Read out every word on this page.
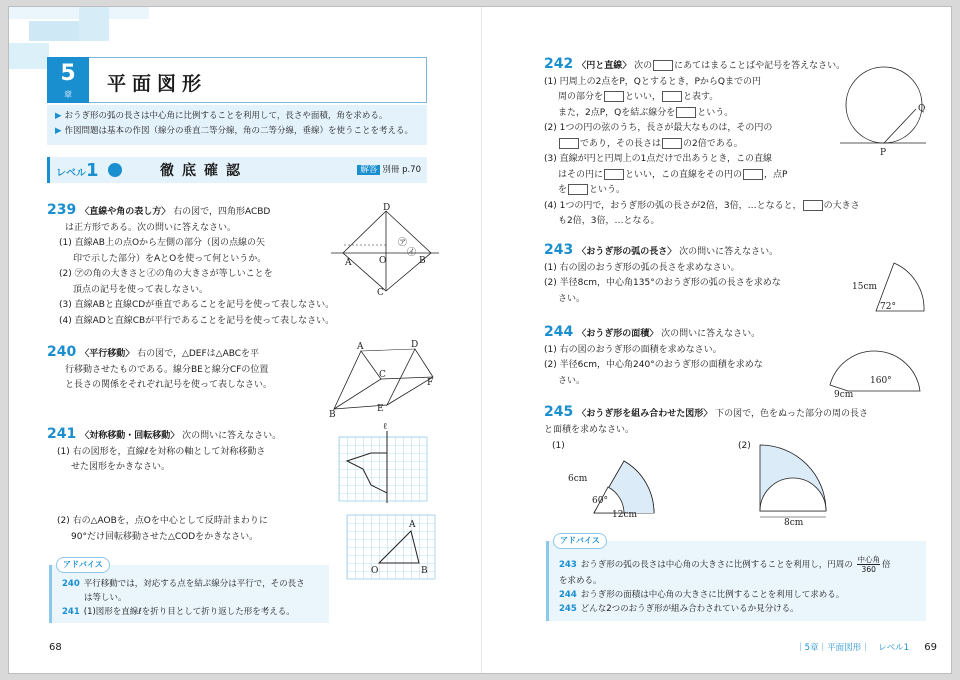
5
章	平面図形
▶ おうぎ形の弧の長さは中心角に比例することを利用して，長さや面積，角を求める。
▶ 作図問題は基本の作図（線分の垂直二等分線，角の二等分線，垂線）を使うことを考える。
レベル1	徹底確認	解答 別冊 p.70
239 〈直線や角の表し方〉 右の図で，四角形ACBD
は正方形である。次の問いに答えなさい。
(1) 直線AB上の点Oから左側の部分（図の点線の矢
印で示した部分）をAとOを使って何というか。
(2) ㋐の角の大きさと㋑の角の大きさが等しいことを
頂点の記号を使って表しなさい。
(3) 直線ABと直線CDが垂直であることを記号を使って表しなさい。
(4) 直線ADと直線CBが平行であることを記号を使って表しなさい。
D
A	O	B
C
㋐
㋑
240 〈平行移動〉 右の図で，△DEFは△ABCを平
行移動させたものである。線分BEと線分CFの位置
と長さの関係をそれぞれ記号を使って表しなさい。
A
B
C
D
E
F
241 〈対称移動・回転移動〉 次の問いに答えなさい。
(1) 右の図形を，直線ℓを対称の軸として対称移動さ
せた図形をかきなさい。
(2) 右の△AOBを，点Oを中心として反時計まわりに
90°だけ回転移動させた△CODをかきなさい。
ℓ
O
A
B
アドバイス
240 平行移動では，対応する点を結ぶ線分は平行で，その長さ
は等しい。
241 (1)図形を直線ℓを折り目として折り返した形を考える。
68
242 〈円と直線〉 次の にあてはまることばや記号を答えなさい。
(1) 円周上の2点をP，Qとするとき，PからQまでの円
周の部分を といい， と表す。
また，2点P，Qを結ぶ線分を という。
(2) 1つの円の弦のうち，長さが最大なものは，その円の
であり，その長さは の2倍である。
(3) 直線が円と円周上の1点だけで出あうとき，この直線
はその円に といい，この直線をその円の ，点P
を という。
(4) 1つの円で，おうぎ形の弧の長さが2倍，3倍，…となると， の大きさ
も2倍，3倍，…となる。
P
Q
243 〈おうぎ形の弧の長さ〉 次の問いに答えなさい。
(1) 右の図のおうぎ形の弧の長さを求めなさい。
(2) 半径8cm，中心角135°のおうぎ形の弧の長さを求めな
さい。
15cm
72°
244 〈おうぎ形の面積〉 次の問いに答えなさい。
(1) 右の図のおうぎ形の面積を求めなさい。
(2) 半径6cm，中心角240°のおうぎ形の面積を求めな
さい。
9cm
160°
245 〈おうぎ形を組み合わせた図形〉 下の図で，色をぬった部分の周の長さ
と面積を求めなさい。
(1)	(2)
6cm
60°
12cm
8cm
アドバイス
243 おうぎ形の弧の長さは中心角の大きさに比例することを利用し，円周の
中心角
360 倍
を求める。
244 おうぎ形の面積は中心角の大きさに比例することを利用して求める。
245 どんな2つのおうぎ形が組み合わされているか見分ける。
｜5章｜平面図形｜　レベル1 69
